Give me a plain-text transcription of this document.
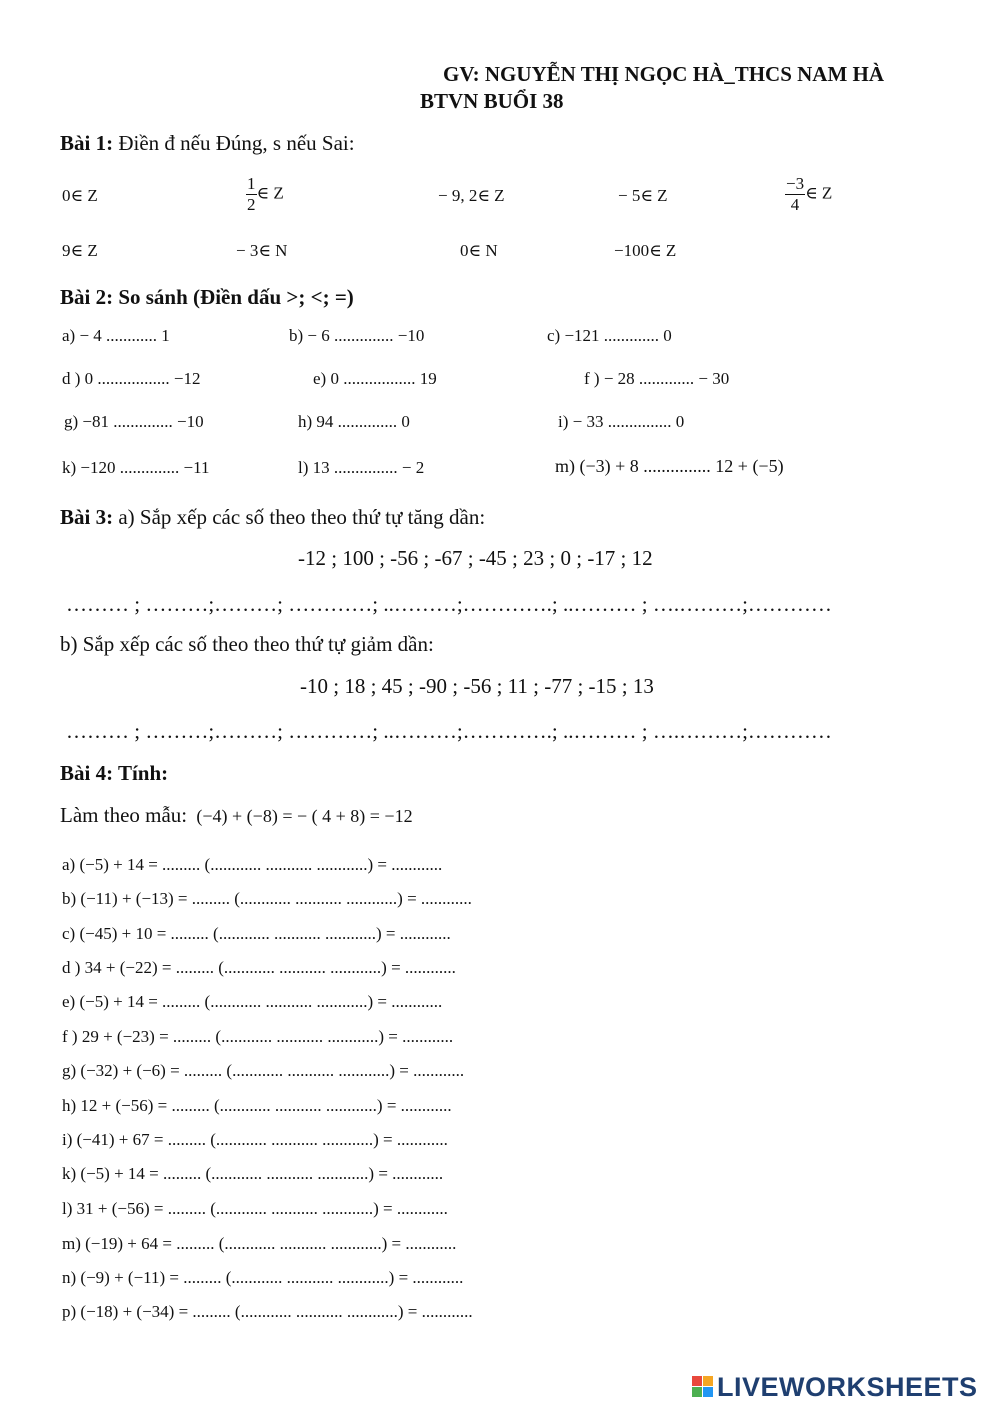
GV: NGUYỄN THỊ NGỌC HÀ_THCS NAM HÀ
BTVN BUỔI 38
Bài 1: Điền đ nếu Đúng, s nếu Sai:
0∈ Z	$\frac{1}{2}$ ∈ Z	− 9, 2∈ Z	− 5∈ Z	$\frac{-3}{4}$ ∈ Z
9∈ Z	− 3∈ N	0∈ N	−100∈ Z
Bài 2: So sánh (Điền dấu >; <; =)
a) − 4 ............ 1	b) − 6 .............. −10	c) −121 ............. 0
d ) 0 ................. −12	e) 0 ................. 19	f ) − 28 ............. − 30
g) −81 .............. −10	h) 94 .............. 0	i) − 33 ............... 0
k) −120 .............. −11	l) 13 ............... − 2	m) (−3) + 8 ............... 12 + (−5)
Bài 3: a) Sắp xếp các số theo theo thứ tự tăng dần:
-12 ; 100 ; -56 ; -67 ; -45 ; 23 ; 0 ; -17 ; 12
……… ; ………;………; …………; ..………;………….; ..……… ; ….………;…………
b) Sắp xếp các số theo theo thứ tự giảm dần:
-10 ; 18 ; 45 ; -90 ; -56 ; 11 ; -77 ; -15 ; 13
……… ; ………;………; …………; ..………;………….; ..……… ; ….………;…………
Bài 4: Tính:
Làm theo mẫu: (−4) + (−8) = − ( 4 + 8) = −12
a) (−5) + 14 = ......... (............ ........... ............) = ............
b) (−11) + (−13) = ......... (............ ........... ............) = ............
c) (−45) + 10 = ......... (............ ........... ............) = ............
d ) 34 + (−22) = ......... (............ ........... ............) = ............
e) (−5) + 14 = ......... (............ ........... ............) = ............
f ) 29 + (−23) = ......... (............ ........... ............) = ............
g) (−32) + (−6) = ......... (............ ........... ............) = ............
h) 12 + (−56) = ......... (............ ........... ............) = ............
i) (−41) + 67 = ......... (............ ........... ............) = ............
k) (−5) + 14 = ......... (............ ........... ............) = ............
l) 31 + (−56) = ......... (............ ........... ............) = ............
m) (−19) + 64 = ......... (............ ........... ............) = ............
n) (−9) + (−11) = ......... (............ ........... ............) = ............
p) (−18) + (−34) = ......... (............ ........... ............) = ............
LIVEWORKSHEETS
